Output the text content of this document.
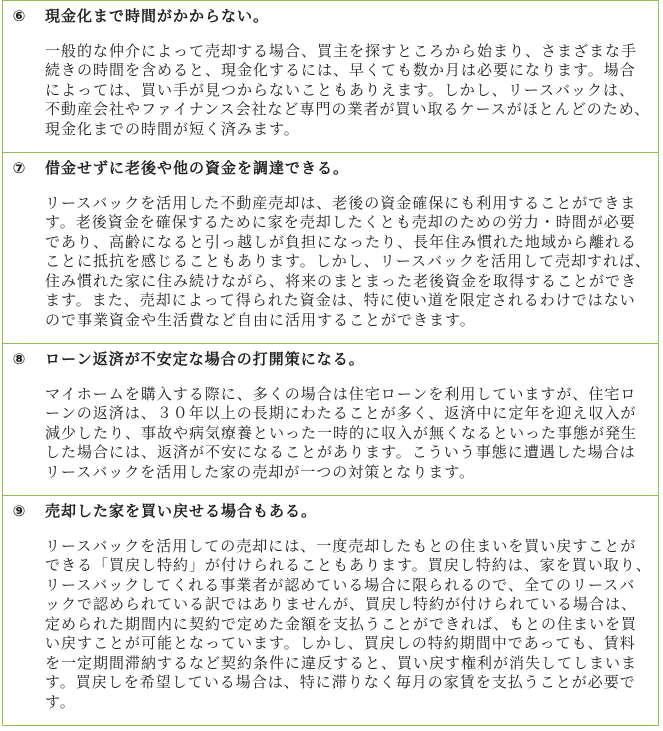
⑥	現金化まで時間がかからない。
一般的な仲介によって売却する場合、買主を探すところから始まり、さまざまな手
続きの時間を含めると、現金化するには、早くても数か月は必要になります。場合
によっては、買い手が見つからないこともありえます。しかし、リースバックは、
不動産会社やファイナンス会社など専門の業者が買い取るケースがほとんどのため、
現金化までの時間が短く済みます。
⑦	借金せずに老後や他の資金を調達できる。
リースバックを活用した不動産売却は、老後の資金確保にも利用することができま
す。老後資金を確保するために家を売却したくとも売却のための労力・時間が必要
であり、高齢になると引っ越しが負担になったり、長年住み慣れた地域から離れる
ことに抵抗を感じることもあります。しかし、リースバックを活用して売却すれば、
住み慣れた家に住み続けながら、将来のまとまった老後資金を取得することができ
ます。また、売却によって得られた資金は、特に使い道を限定されるわけではない
ので事業資金や生活費など自由に活用することができます。
⑧	ローン返済が不安定な場合の打開策になる。
マイホームを購入する際に、多くの場合は住宅ローンを利用していますが、住宅ロ
ーンの返済は、３０年以上の長期にわたることが多く、返済中に定年を迎え収入が
減少したり、事故や病気療養といった一時的に収入が無くなるといった事態が発生
した場合には、返済が不安になることがあります。こういう事態に遭遇した場合は
リースバックを活用した家の売却が一つの対策となります。
⑨	売却した家を買い戻せる場合もある。
リースバックを活用しての売却には、一度売却したもとの住まいを買い戻すことが
できる「買戻し特約」が付けられることもあります。買戻し特約は、家を買い取り、
リースバックしてくれる事業者が認めている場合に限られるので、全てのリースバ
ックで認められている訳ではありませんが、買戻し特約が付けられている場合は、
定められた期間内に契約で定めた金額を支払うことができれば、もとの住まいを買
い戻すことが可能となっています。しかし、買戻しの特約期間中であっても、賃料
を一定期間滞納するなど契約条件に違反すると、買い戻す権利が消失してしまいま
す。買戻しを希望している場合は、特に滞りなく毎月の家賃を支払うことが必要で
す。
